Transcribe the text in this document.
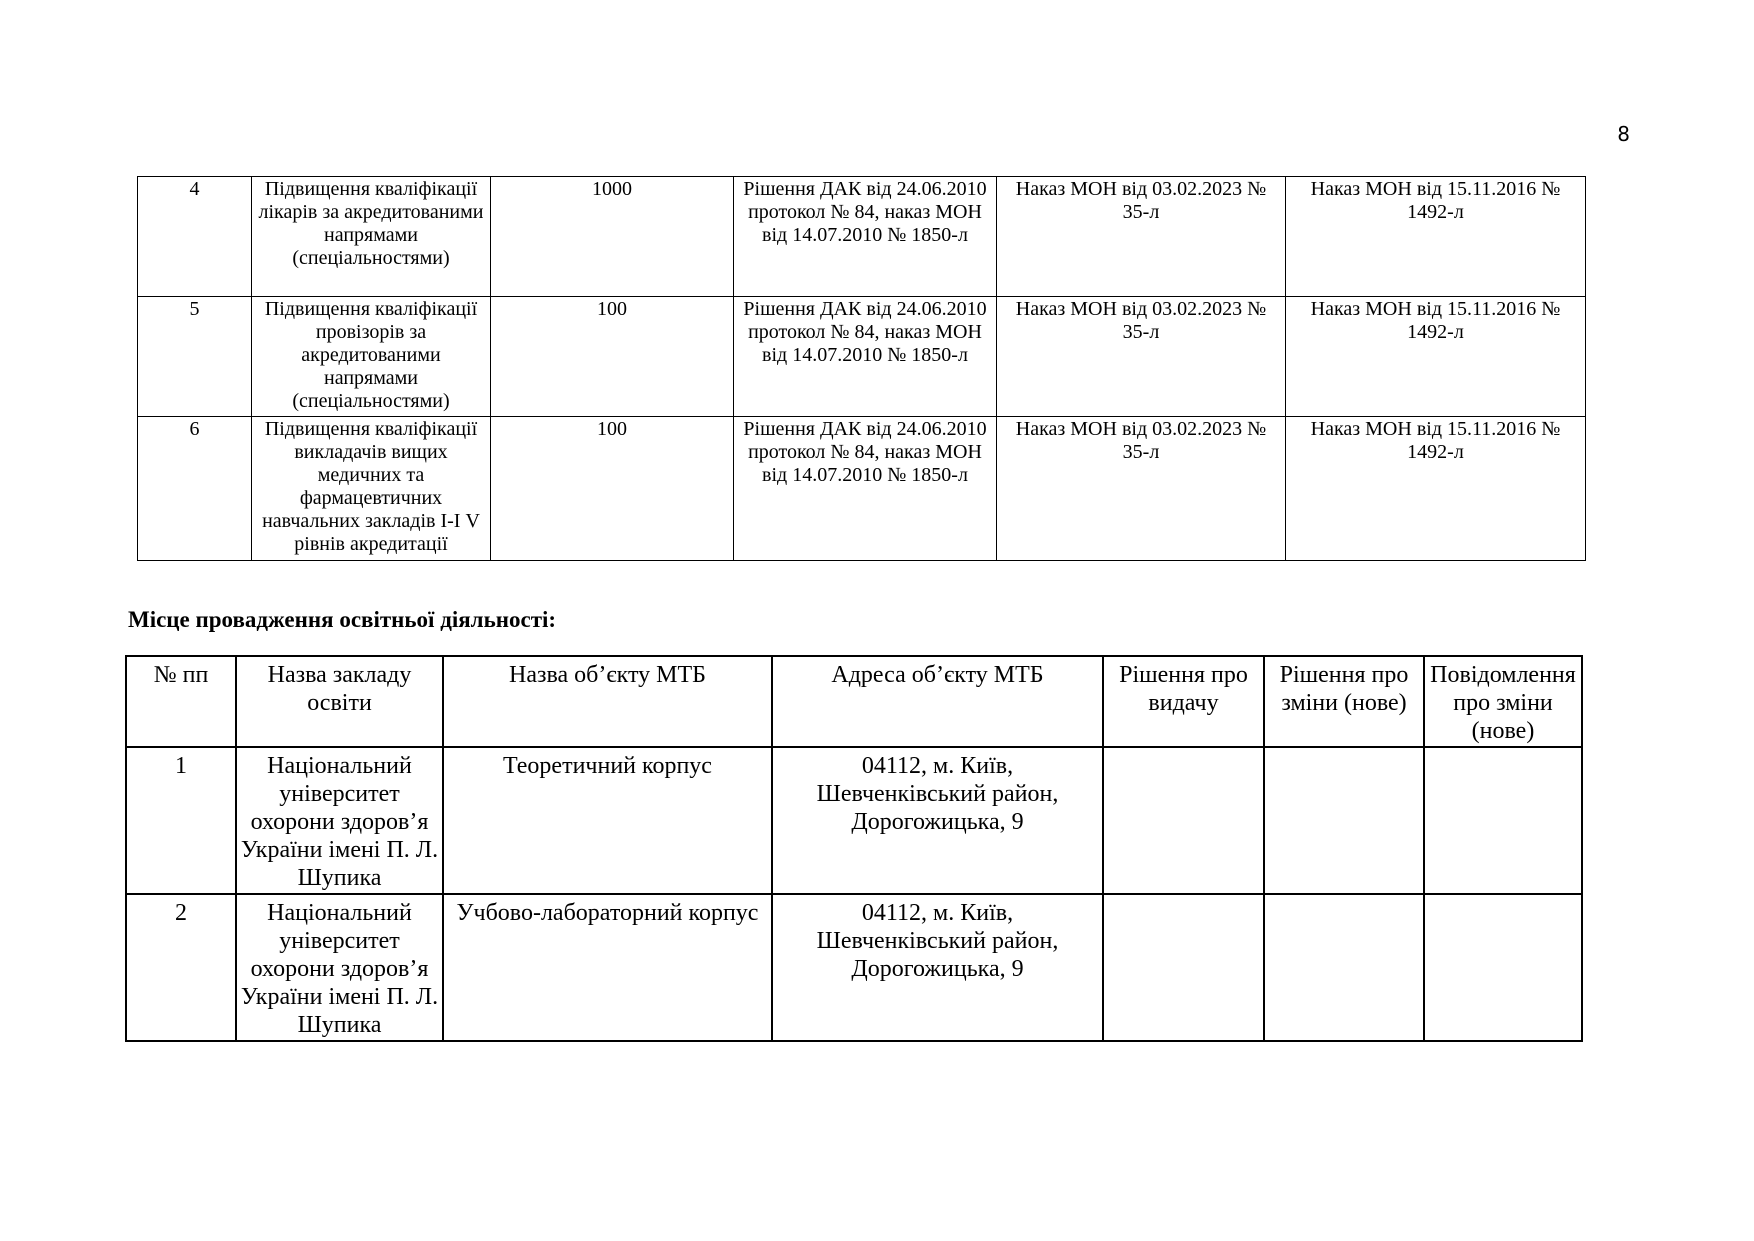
8
4	Підвищення кваліфікації лікарів за акредитованими напрямами (спеціальностями)	1000	Рішення ДАК від 24.06.2010 протокол № 84, наказ МОН від 14.07.2010 № 1850-л	Наказ МОН від 03.02.2023 № 35-л	Наказ МОН від 15.11.2016 № 1492-л
5	Підвищення кваліфікації провізорів за акредитованими напрямами (спеціальностями)	100	Рішення ДАК від 24.06.2010 протокол № 84, наказ МОН від 14.07.2010 № 1850-л	Наказ МОН від 03.02.2023 № 35-л	Наказ МОН від 15.11.2016 № 1492-л
6	Підвищення кваліфікації викладачів вищих медичних та фармацевтичних навчальних закладів І-І V рівнів акредитації	100	Рішення ДАК від 24.06.2010 протокол № 84, наказ МОН від 14.07.2010 № 1850-л	Наказ МОН від 03.02.2023 № 35-л	Наказ МОН від 15.11.2016 № 1492-л
Місце провадження освітньої діяльності:
№ пп	Назва закладу освіти	Назва об’єкту МТБ	Адреса об’єкту МТБ	Рішення про видачу	Рішення про зміни (нове)	Повідомлення про зміни (нове)
1	Національний університет охорони здоров’я України імені П. Л. Шупика	Теоретичний корпус	04112, м. Київ, Шевченківський район, Дорогожицька, 9			
2	Національний університет охорони здоров’я України імені П. Л. Шупика	Учбово-лабораторний корпус	04112, м. Київ, Шевченківський район, Дорогожицька, 9			
